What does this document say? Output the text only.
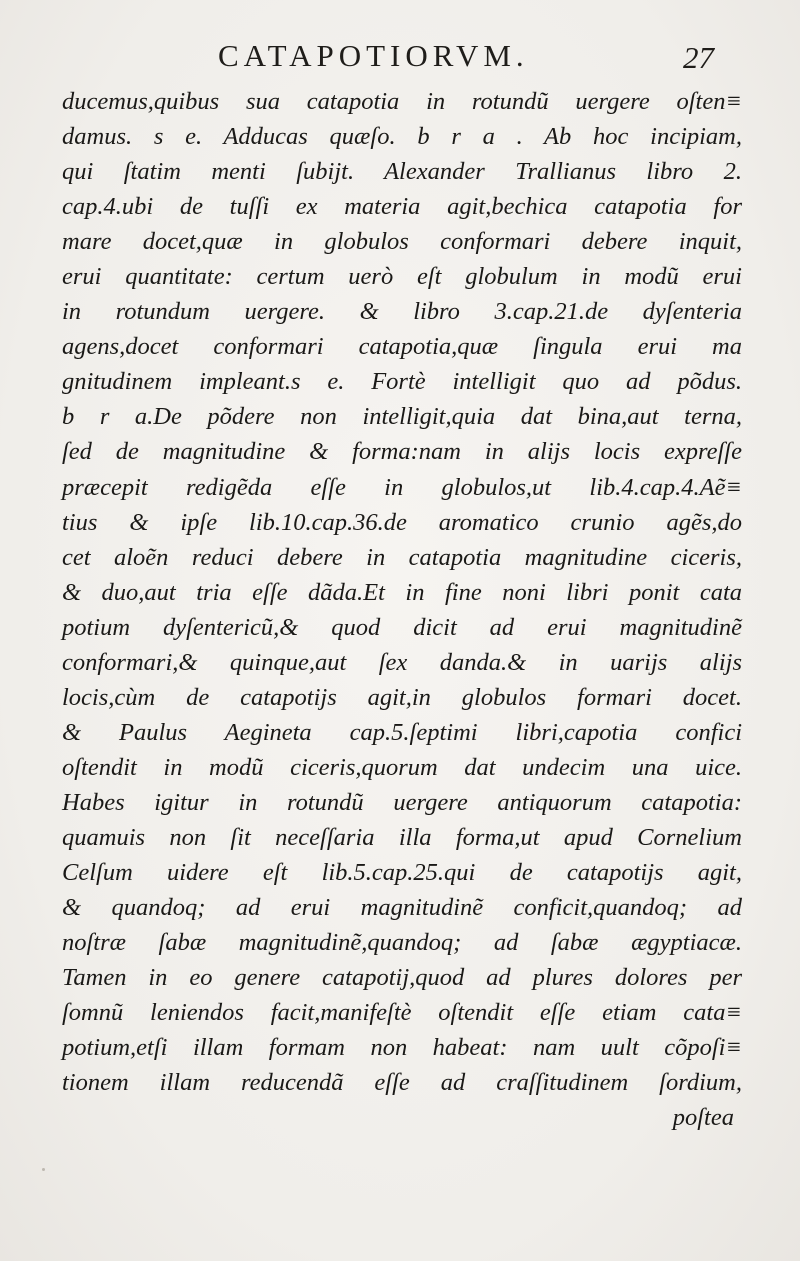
CATAPOTIORVM.	27
ducemus,quibus sua catapotia in rotundũ uergere oſten≡
damus. s e. Adducas quæſo. b r a . Ab hoc incipiam,
qui ſtatim menti ſubijt. Alexander Trallianus libro 2.
cap.4.ubi de tuſſi ex materia agit,bechica catapotia for
mare docet,quæ in globulos conformari debere inquit,
erui quantitate: certum uerò eſt globulum in modũ erui
in rotundum uergere. & libro 3.cap.21.de dyſenteria
agens,docet conformari catapotia,quæ ſingula erui ma
gnitudinem impleant.s e. Fortè intelligit quo ad põdus.
b r a.De põdere non intelligit,quia dat bina,aut terna,
ſed de magnitudine & forma:nam in alijs locis expreſſe
præcepit redigẽda eſſe in globulos,ut lib.4.cap.4.Aẽ≡
tius & ipſe lib.10.cap.36.de aromatico crunio agẽs,do
cet aloẽn reduci debere in catapotia magnitudine ciceris,
& duo,aut tria eſſe dãda.Et in fine noni libri ponit cata
potium dyſentericũ,& quod dicit ad erui magnitudinẽ
conformari,& quinque,aut ſex danda.& in uarijs alijs
locis,cùm de catapotijs agit,in globulos formari docet.
& Paulus Aegineta cap.5.ſeptimi libri,capotia confici
oſtendit in modũ ciceris,quorum dat undecim una uice.
Habes igitur in rotundũ uergere antiquorum catapotia:
quamuis non ſit neceſſaria illa forma,ut apud Cornelium
Celſum uidere eſt lib.5.cap.25.qui de catapotijs agit,
& quandoq; ad erui magnitudinẽ conficit,quandoq; ad
noſtræ ſabæ magnitudinẽ,quandoq; ad ſabæ ægyptiacæ.
Tamen in eo genere catapotij,quod ad plures dolores per
ſomnũ leniendos facit,manifeſtè oſtendit eſſe etiam cata≡
potium,etſi illam formam non habeat: nam uult cõpoſi≡
tionem illam reducendã eſſe ad craſſitudinem ſordium,
poſtea
